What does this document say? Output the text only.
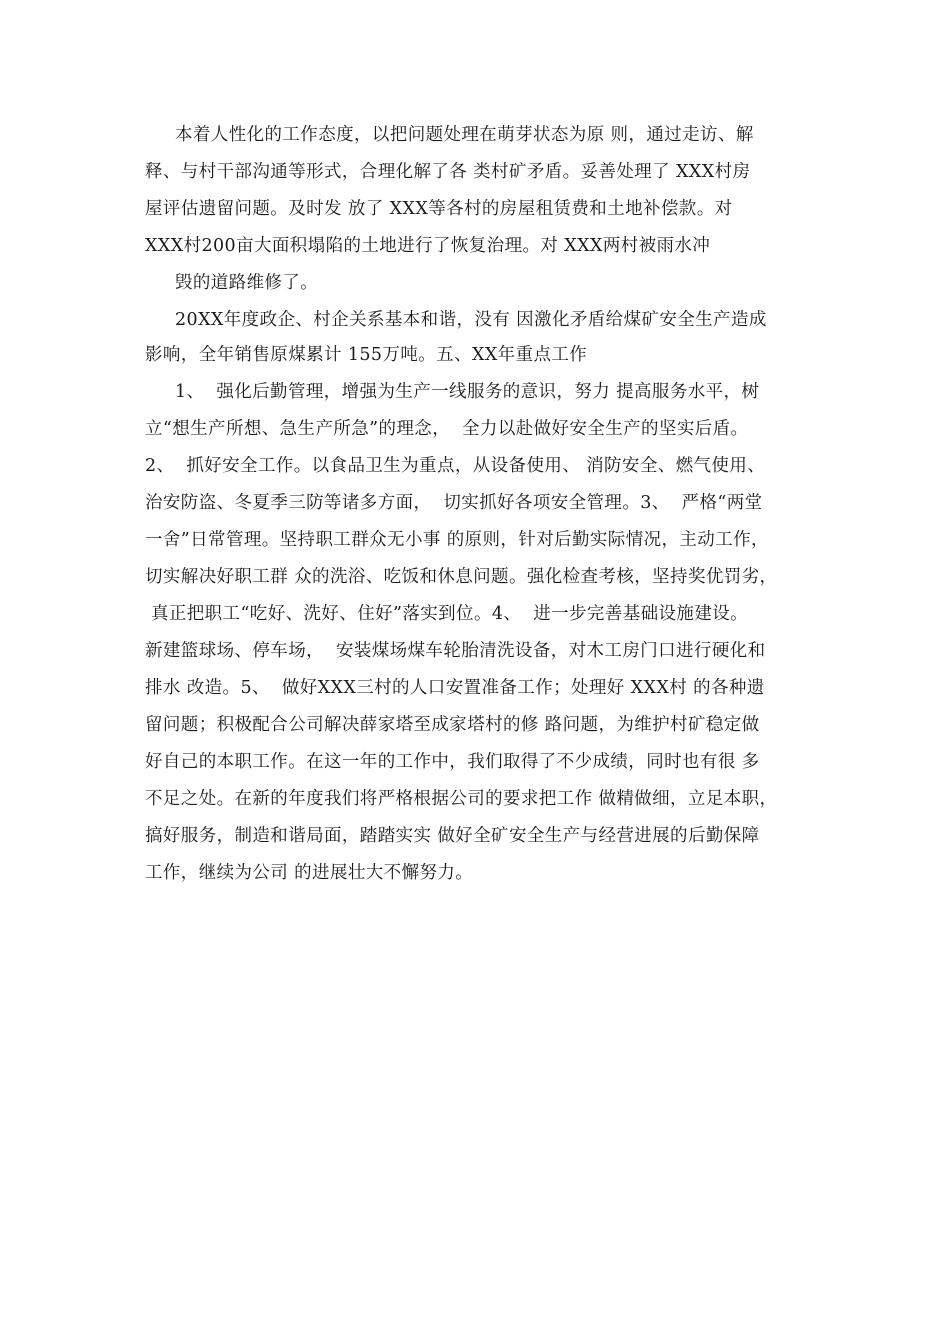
本着人性化的工作态度，以把问题处理在萌芽状态为原 则，通过走访、解
释、与村干部沟通等形式，合理化解了各 类村矿矛盾。妥善处理了 XXX村房
屋评估遗留问题。及时发 放了 XXX等各村的房屋租赁费和土地补偿款。对
XXX村200亩大面积塌陷的土地进行了恢复治理。对 XXX两村被雨水冲
毁的道路维修了。
20XX年度政企、村企关系基本和谐，没有 因激化矛盾给煤矿安全生产造成
影响，全年销售原煤累计 155万吨。五、XX年重点工作
1、  强化后勤管理，增强为生产一线服务的意识，努力 提高服务水平，树
立“想生产所想、急生产所急”的理念，  全力以赴做好安全生产的坚实后盾。
2、  抓好安全工作。以食品卫生为重点，从设备使用、 消防安全、燃气使用、
治安防盗、冬夏季三防等诸多方面，  切实抓好各项安全管理。3、  严格“两堂
一舍”日常管理。坚持职工群众无小事 的原则，针对后勤实际情况，主动工作，
切实解决好职工群 众的洗浴、吃饭和休息问题。强化检查考核，坚持奖优罚劣，
真正把职工“吃好、洗好、住好”落实到位。4、  进一步完善基础设施建设。
新建篮球场、停车场，  安装煤场煤车轮胎清洗设备，对木工房门口进行硬化和
排水 改造。5、  做好XXX三村的人口安置准备工作；处理好 XXX村 的各种遗
留问题；积极配合公司解决薛家塔至成家塔村的修 路问题，为维护村矿稳定做
好自己的本职工作。在这一年的工作中，我们取得了不少成绩，同时也有很 多
不足之处。在新的年度我们将严格根据公司的要求把工作 做精做细，立足本职，
搞好服务，制造和谐局面，踏踏实实 做好全矿安全生产与经营进展的后勤保障
工作，继续为公司 的进展壮大不懈努力。
